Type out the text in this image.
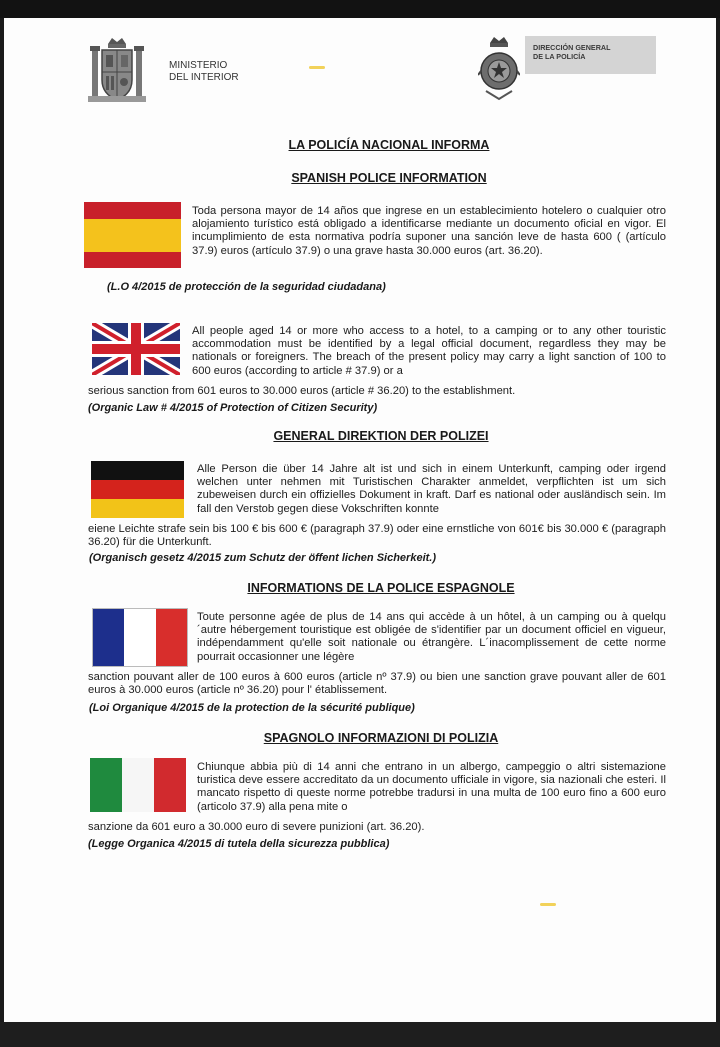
MINISTERIO
DEL INTERIOR
DIRECCIÓN GENERAL
DE LA POLICÍA
LA POLICÍA NACIONAL INFORMA
SPANISH POLICE INFORMATION
Toda persona mayor de 14 años que ingrese en un establecimiento hotelero o cualquier otro alojamiento turístico está obligado a identificarse mediante un documento oficial en vigor. El incumplimiento de esta normativa podría suponer una sanción leve de hasta 600 ( (artículo 37.9) euros (artículo 37.9) o una grave hasta 30.000 euros (art. 36.20).
(L.O 4/2015 de protección de la seguridad ciudadana)
All people aged 14 or more who access to a hotel, to a camping or to any other touristic accommodation must be identified by a legal official document, regardless they may be nationals or foreigners. The breach of the present policy may carry a light sanction of 100 to 600 euros (according to article # 37.9) or a
serious sanction from 601 euros to 30.000 euros (article # 36.20) to the establishment.
(Organic Law # 4/2015 of Protection of Citizen Security)
GENERAL DIREKTION DER POLIZEI
Alle Person die über 14 Jahre alt ist und sich in einem Unterkunft, camping oder irgend welchen unter nehmen mit Turistischen Charakter anmeldet, verpflichten ist um sich zubeweisen durch ein offizielles Dokument in kraft. Darf es national oder ausländisch sein. Im fall den Verstob gegen diese Vokschriften konnte
eiene Leichte strafe sein bis 100 € bis 600 € (paragraph 37.9) oder eine ernstliche von 601€ bis 30.000 € (paragraph 36.20) für die Unterkunft.
(Organisch gesetz 4/2015 zum Schutz der öffent lichen Sicherkeit.)
INFORMATIONS DE LA POLICE ESPAGNOLE
Toute personne agée de plus de 14 ans qui accède à un hôtel, à un camping ou à quelqu´autre hébergement touristique est obligée de s'identifier par un document officiel en vigueur, indépendamment qu'elle soit nationale ou étrangère. L´inacomplissement de cette norme pourrait occasionner une légère
sanction pouvant aller de 100 euros à 600 euros (article nº 37.9) ou bien une sanction grave pouvant aller de 601 euros à 30.000 euros (article nº 36.20) pour l' établissement.
(Loi Organique 4/2015 de la protection de la sécurité publique)
SPAGNOLO INFORMAZIONI DI POLIZIA
Chiunque abbia più di 14 anni che entrano in un albergo, campeggio o altri sistemazione turistica deve essere accreditato da un documento ufficiale in vigore, sia nazionali che esteri. Il mancato rispetto di queste norme potrebbe tradursi in una multa de 100 euro fino a 600 euro (articolo 37.9) alla pena mite o
sanzione da 601 euro a 30.000 euro di severe punizioni (art. 36.20).
(Legge Organica 4/2015 di tutela della sicurezza pubblica)
